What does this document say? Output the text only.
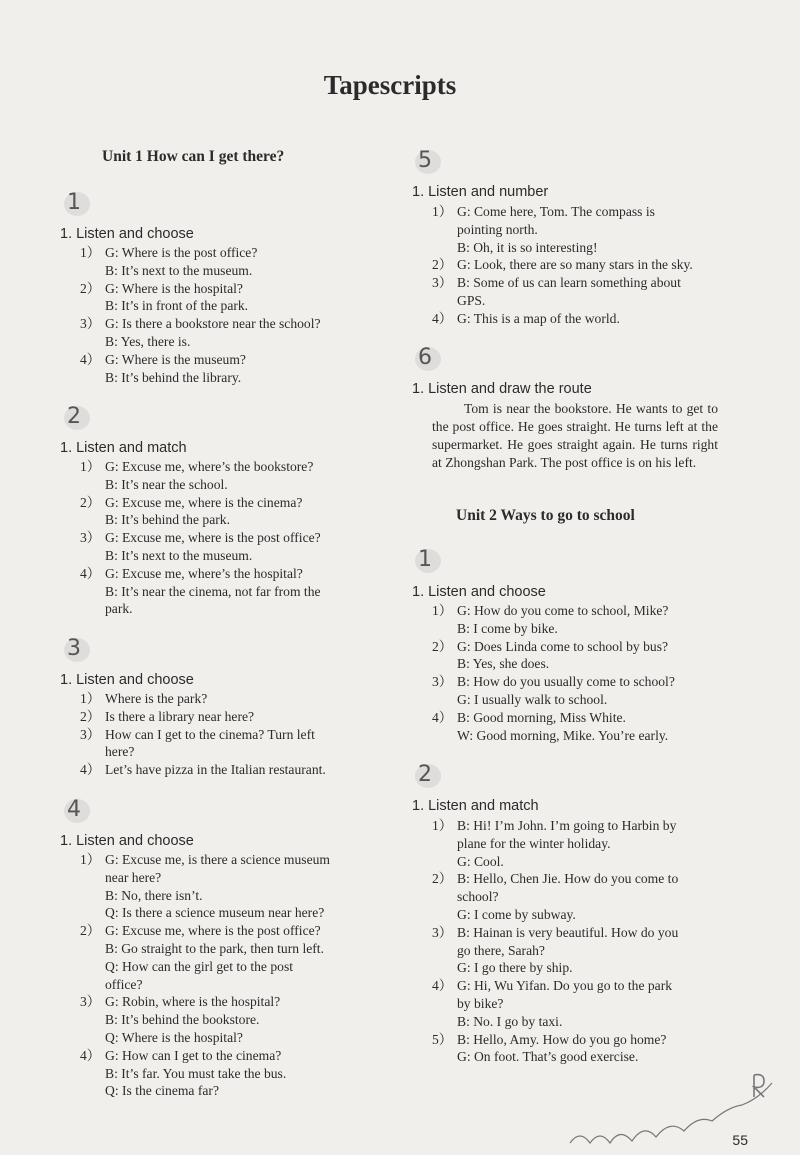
Tapescripts
Unit 1 How can I get there?
1
1. Listen and choose
1） G: Where is the post office?
B: It’s next to the museum.
2） G: Where is the hospital?
B: It’s in front of the park.
3） G: Is there a bookstore near the school?
B: Yes, there is.
4） G: Where is the museum?
B: It’s behind the library.
2
1. Listen and match
1） G: Excuse me, where’s the bookstore?
B: It’s near the school.
2） G: Excuse me, where is the cinema?
B: It’s behind the park.
3） G: Excuse me, where is the post office?
B: It’s next to the museum.
4） G: Excuse me, where’s the hospital?
B: It’s near the cinema, not far from the
park.
3
1. Listen and choose
1） Where is the park?
2） Is there a library near here?
3） How can I get to the cinema? Turn left
here?
4） Let’s have pizza in the Italian restaurant.
4
1. Listen and choose
1） G: Excuse me, is there a science museum
near here?
B: No, there isn’t.
Q: Is there a science museum near here?
2） G: Excuse me, where is the post office?
B: Go straight to the park, then turn left.
Q: How can the girl get to the post
office?
3） G: Robin, where is the hospital?
B: It’s behind the bookstore.
Q: Where is the hospital?
4） G: How can I get to the cinema?
B: It’s far. You must take the bus.
Q: Is the cinema far?
5
1. Listen and number
1） G: Come here, Tom. The compass is
pointing north.
B: Oh, it is so interesting!
2） G: Look, there are so many stars in the sky.
3） B: Some of us can learn something about
GPS.
4） G: This is a map of the world.
6
1. Listen and draw the route
Tom is near the bookstore. He wants to get to the post office. He goes straight. He turns left at the supermarket. He goes straight again. He turns right at Zhongshan Park. The post office is on his left.
Unit 2 Ways to go to school
1
1. Listen and choose
1） G: How do you come to school, Mike?
B: I come by bike.
2） G: Does Linda come to school by bus?
B: Yes, she does.
3） B: How do you usually come to school?
G: I usually walk to school.
4） B: Good morning, Miss White.
W: Good morning, Mike. You’re early.
2
1. Listen and match
1） B: Hi! I’m John. I’m going to Harbin by
plane for the winter holiday.
G: Cool.
2） B: Hello, Chen Jie. How do you come to
school?
G: I come by subway.
3） B: Hainan is very beautiful. How do you
go there, Sarah?
G: I go there by ship.
4） G: Hi, Wu Yifan. Do you go to the park
by bike?
B: No. I go by taxi.
5） B: Hello, Amy. How do you go home?
G: On foot. That’s good exercise.
55
